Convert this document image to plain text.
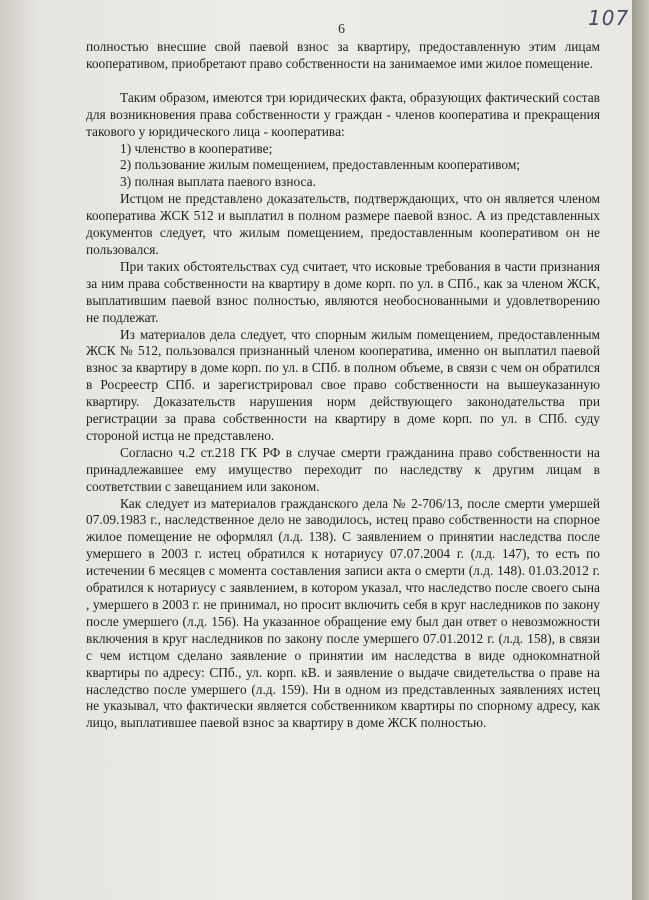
6	107

полностью внесшие свой паевой взнос за квартиру, предоставленную этим лицам кооперативом, приобретают право собственности на занимаемое ими жилое помещение.

Таким образом, имеются три юридических факта, образующих фактический состав для возникновения права собственности у граждан - членов кооператива и прекращения такового у юридического лица - кооператива:

1) членство в кооперативе;

2) пользование жилым помещением, предоставленным кооперативом;

3) полная выплата паевого взноса.

Истцом не представлено доказательств, подтверждающих, что он является членом кооператива ЖСК 512 и выплатил в полном размере паевой взнос. А из представленных документов следует, что жилым помещением, предоставленным кооперативом он не пользовался.

При таких обстоятельствах суд считает, что исковые требования в части признания за ним права собственности на квартиру в доме корп. по ул. в СПб., как за членом ЖСК, выплатившим паевой взнос полностью, являются необоснованными и удовлетворению не подлежат.

Из материалов дела следует, что спорным жилым помещением, предоставленным ЖСК № 512, пользовался признанный членом кооператива, именно он выплатил паевой взнос за квартиру в доме корп. по ул. в СПб. в полном объеме, в связи с чем он обратился в Росреестр СПб. и зарегистрировал свое право собственности на вышеуказанную квартиру. Доказательств нарушения норм действующего законодательства при регистрации за права собственности на квартиру в доме корп. по ул. в СПб. суду стороной истца не представлено.

Согласно ч.2 ст.218 ГК РФ в случае смерти гражданина право собственности на принадлежавшее ему имущество переходит по наследству к другим лицам в соответствии с завещанием или законом.

Как следует из материалов гражданского дела № 2-706/13, после смерти умершей 07.09.1983 г., наследственное дело не заводилось, истец право собственности на спорное жилое помещение не оформлял (л.д. 138). С заявлением о принятии наследства после умершего в 2003 г. истец обратился к нотариусу 07.07.2004 г. (л.д. 147), то есть по истечении 6 месяцев с момента составления записи акта о смерти (л.д. 148). 01.03.2012 г. обратился к нотариусу с заявлением, в котором указал, что наследство после своего сына , умершего в 2003 г. не принимал, но просит включить себя в круг наследников по закону после умершего (л.д. 156). На указанное обращение ему был дан ответ о невозможности включения в круг наследников по закону после умершего 07.01.2012 г. (л.д. 158), в связи с чем истцом сделано заявление о принятии им наследства в виде однокомнатной квартиры по адресу: СПб., ул. корп. кВ. и заявление о выдаче свидетельства о праве на наследство после умершего (л.д. 159). Ни в одном из представленных заявлениях истец не указывал, что фактически является собственником квартиры по спорному адресу, как лицо, выплатившее паевой взнос за квартиру в доме ЖСК полностью.
